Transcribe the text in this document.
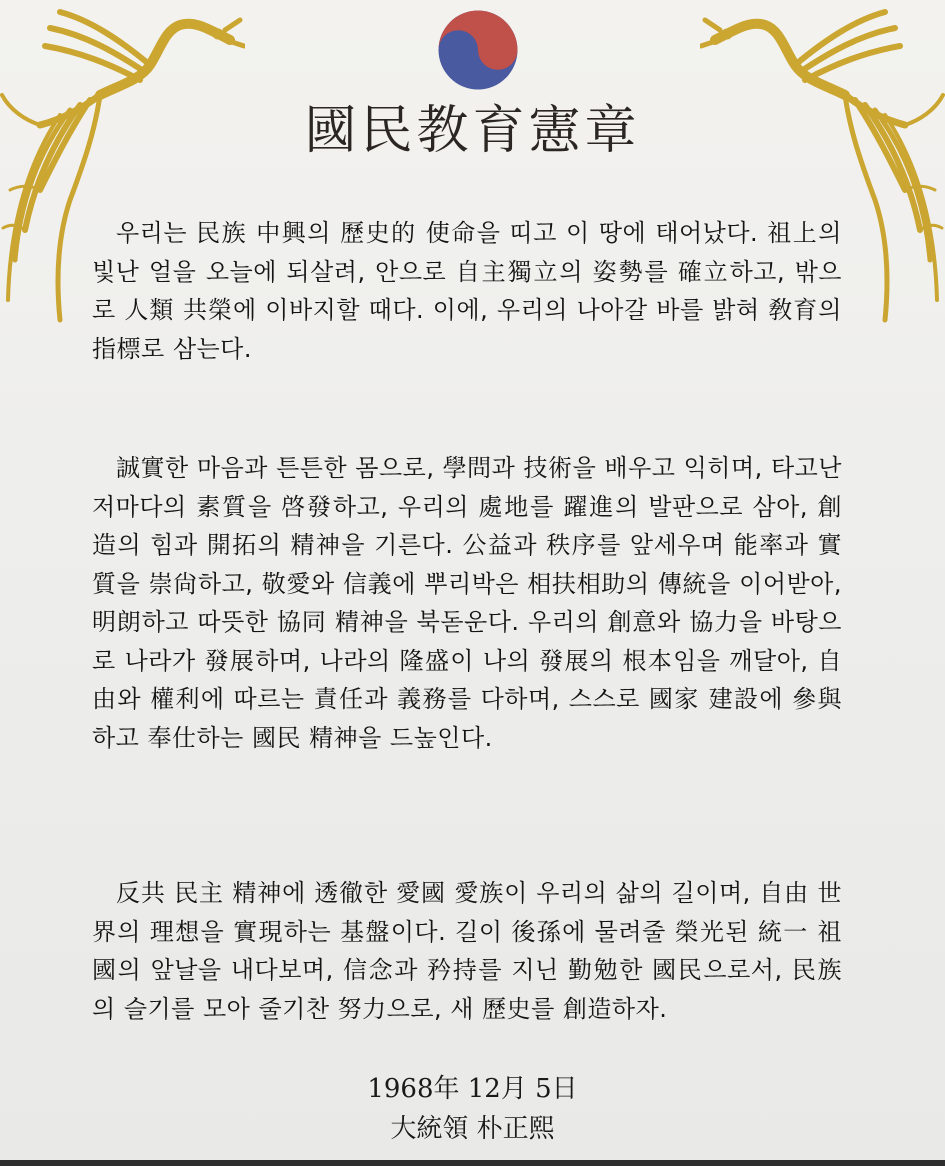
國民教育憲章

우리는 民族 中興의 歷史的 使命을 띠고 이 땅에 태어났다. 祖上의 빛난 얼을 오늘에 되살려, 안으로 自主獨立의 姿勢를 確立하고, 밖으로 人類 共榮에 이바지할 때다. 이에, 우리의 나아갈 바를 밝혀 敎育의 指標로 삼는다.

誠實한 마음과 튼튼한 몸으로, 學問과 技術을 배우고 익히며, 타고난 저마다의 素質을 啓發하고, 우리의 處地를 躍進의 발판으로 삼아, 創造의 힘과 開拓의 精神을 기른다. 公益과 秩序를 앞세우며 能率과 實質을 崇尙하고, 敬愛와 信義에 뿌리박은 相扶相助의 傳統을 이어받아, 明朗하고 따뜻한 協同 精神을 북돋운다. 우리의 創意와 協力을 바탕으로 나라가 發展하며, 나라의 隆盛이 나의 發展의 根本임을 깨달아, 自由와 權利에 따르는 責任과 義務를 다하며, 스스로 國家 建設에 參與하고 奉仕하는 國民 精神을 드높인다.

反共 民主 精神에 透徹한 愛國 愛族이 우리의 삶의 길이며, 自由 世界의 理想을 實現하는 基盤이다. 길이 後孫에 물려줄 榮光된 統一 祖國의 앞날을 내다보며, 信念과 矜持를 지닌 勤勉한 國民으로서, 民族의 슬기를 모아 줄기찬 努力으로, 새 歷史를 創造하자.

1968年 12月 5日
大統領 朴正熙
